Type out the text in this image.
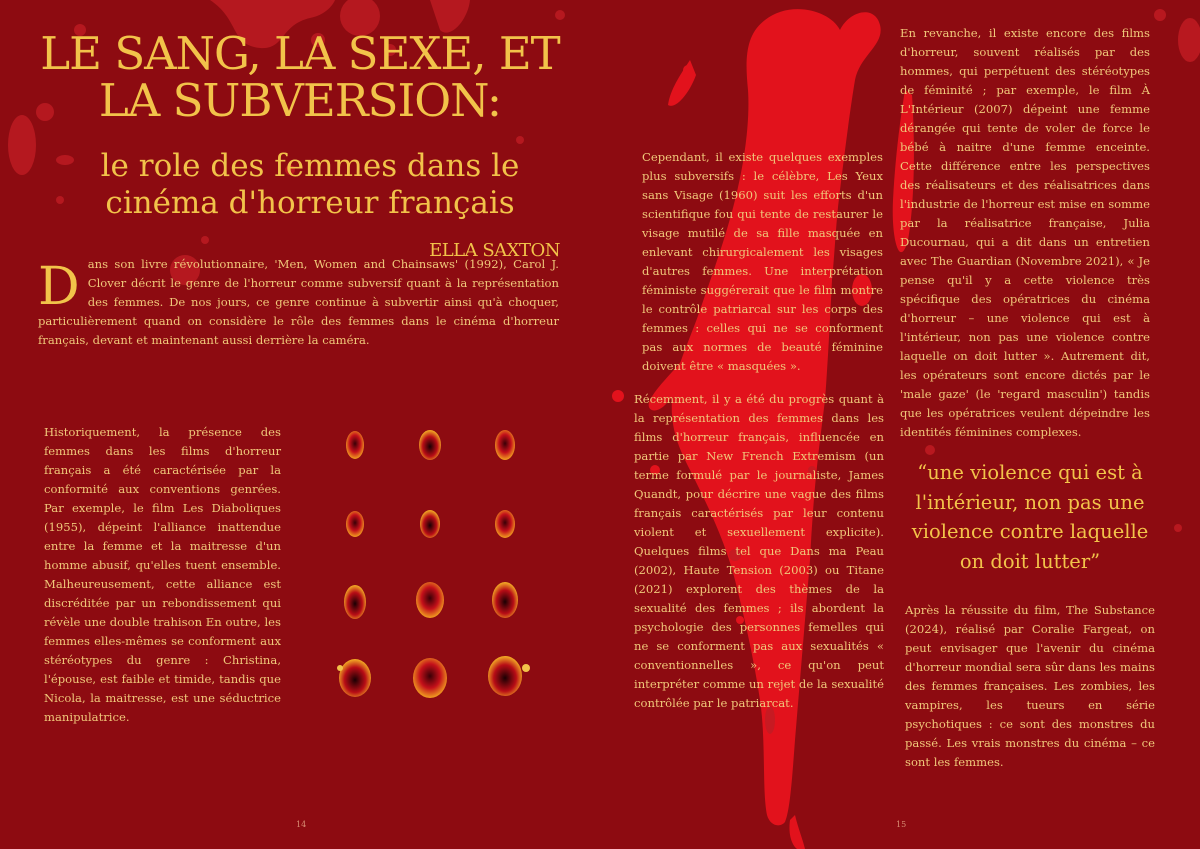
LE SANG, LA SEXE, ET LA SUBVERSION:
le role des femmes dans le cinéma d'horreur français
ELLA SAXTON

Dans son livre révolutionnaire, 'Men, Women and Chainsaws' (1992), Carol J. Clover décrit le genre de l'horreur comme subversif quant à la représentation des femmes. De nos jours, ce genre continue à subvertir ainsi qu'à choquer, particulièrement quand on considère le rôle des femmes dans le cinéma d'horreur français, devant et maintenant aussi derrière la caméra.

Historiquement, la présence des femmes dans les films d'horreur français a été caractérisée par la conformité aux conventions genrées. Par exemple, le film Les Diaboliques (1955), dépeint l'alliance inattendue entre la femme et la maitresse d'un homme abusif, qu'elles tuent ensemble. Malheureusement, cette alliance est discréditée par un rebondissement qui révèle une double trahison En outre, les femmes elles-mêmes se conforment aux stéréotypes du genre : Christina, l'épouse, est faible et timide, tandis que Nicola, la maitresse, est une séductrice manipulatrice.

Cependant, il existe quelques exemples plus subversifs : le célèbre, Les Yeux sans Visage (1960) suit les efforts d'un scientifique fou qui tente de restaurer le visage mutilé de sa fille masquée en enlevant chirurgicalement les visages d'autres femmes. Une interprétation féministe suggérerait que le film montre le contrôle patriarcal sur les corps des femmes : celles qui ne se conforment pas aux normes de beauté féminine doivent être « masquées ».

Récemment, il y a été du progrès quant à la représentation des femmes dans les films d'horreur français, influencée en partie par New French Extremism (un terme formulé par le journaliste, James Quandt, pour décrire une vague des films français caractérisés par leur contenu violent et sexuellement explicite). Quelques films tel que Dans ma Peau (2002), Haute Tension (2003) ou Titane (2021) explorent des thèmes de la sexualité des femmes ; ils abordent la psychologie des personnes femelles qui ne se conforment pas aux sexualités « conventionnelles », ce qu'on peut interpréter comme un rejet de la sexualité contrôlée par le patriarcat.

En revanche, il existe encore des films d'horreur, souvent réalisés par des hommes, qui perpétuent des stéréotypes de féminité ; par exemple, le film À L'Intérieur (2007) dépeint une femme dérangée qui tente de voler de force le bébé à naitre d'une femme enceinte. Cette différence entre les perspectives des réalisateurs et des réalisatrices dans l'industrie de l'horreur est mise en somme par la réalisatrice française, Julia Ducournau, qui a dit dans un entretien avec The Guardian (Novembre 2021), « Je pense qu'il y a cette violence très spécifique des opératrices du cinéma d'horreur – une violence qui est à l'intérieur, non pas une violence contre laquelle on doit lutter ». Autrement dit, les opérateurs sont encore dictés par le 'male gaze' (le 'regard masculin') tandis que les opératrices veulent dépeindre les identités féminines complexes.

“une violence qui est à l'intérieur, non pas une violence contre laquelle on doit lutter”

Après la réussite du film, The Substance (2024), réalisé par Coralie Fargeat, on peut envisager que l'avenir du cinéma d'horreur mondial sera sûr dans les mains des femmes françaises. Les zombies, les vampires, les tueurs en série psychotiques : ce sont des monstres du passé. Les vrais monstres du cinéma – ce sont les femmes.

14	15
